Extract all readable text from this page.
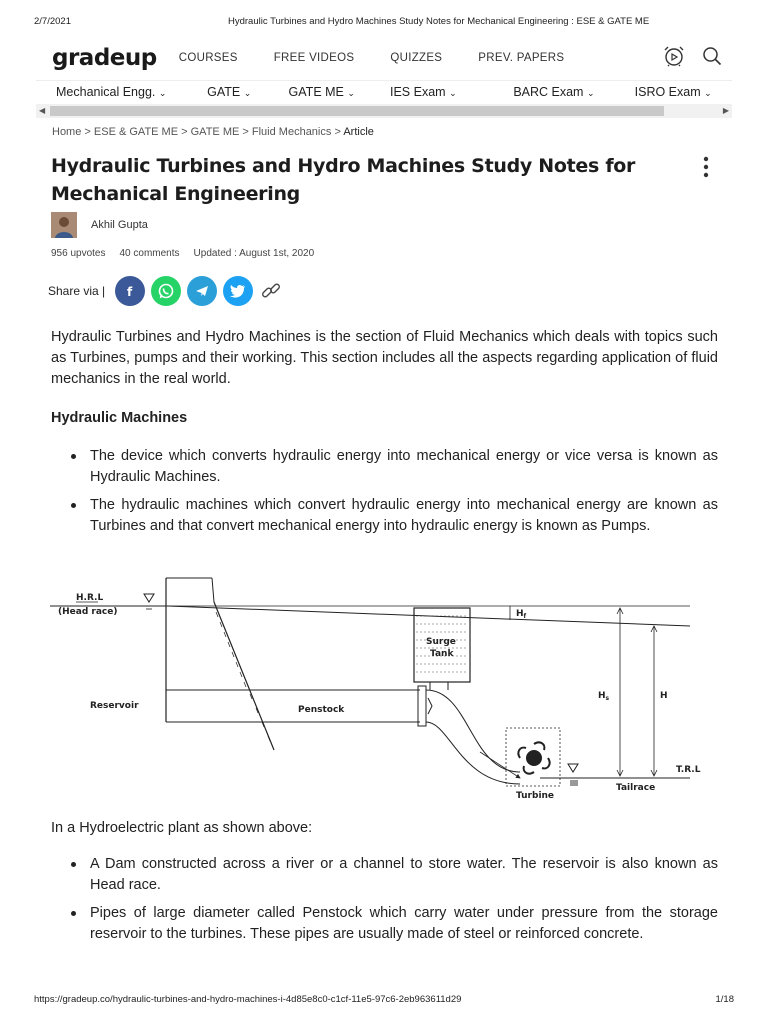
2/7/2021	Hydraulic Turbines and Hydro Machines Study Notes for Mechanical Engineering : ESE & GATE ME
gradeup COURSES	FREE VIDEOS	QUIZZES	PREV. PAPERS
Mechanical Engg. ⌄	GATE ⌄	GATE ME ⌄	IES Exam ⌄	BARC Exam ⌄	ISRO Exam ⌄
◀	▶
Home > ESE & GATE ME > GATE ME > Fluid Mechanics > Article
Hydraulic Turbines and Hydro Machines Study Notes for Mechanical Engineering
Akhil Gupta
956 upvotes 40 comments Updated : August 1st, 2020
Share via | f

Hydraulic Turbines and Hydro Machines is the section of Fluid Mechanics which deals with topics such as Turbines, pumps and their working. This section includes all the aspects regarding application of fluid mechanics in the real world.

Hydraulic Machines
The device which converts hydraulic energy into mechanical energy or vice versa is known as Hydraulic Machines.
The hydraulic machines which convert hydraulic energy into mechanical energy are known as Turbines and that convert mechanical energy into hydraulic energy is known as Pumps.
H.R.L
(Head race)
Reservoir	Penstock
Surge
Tank
Turbine
Tailrace
T.R.L
$H_f$
$H_s$	H

In a Hydroelectric plant as shown above:

A Dam constructed across a river or a channel to store water. The reservoir is also known as Head race.
Pipes of large diameter called Penstock which carry water under pressure from the storage reservoir to the turbines. These pipes are usually made of steel or reinforced concrete.
https://gradeup.co/hydraulic-turbines-and-hydro-machines-i-4d85e8c0-c1cf-11e5-97c6-2eb963611d29	1/18
